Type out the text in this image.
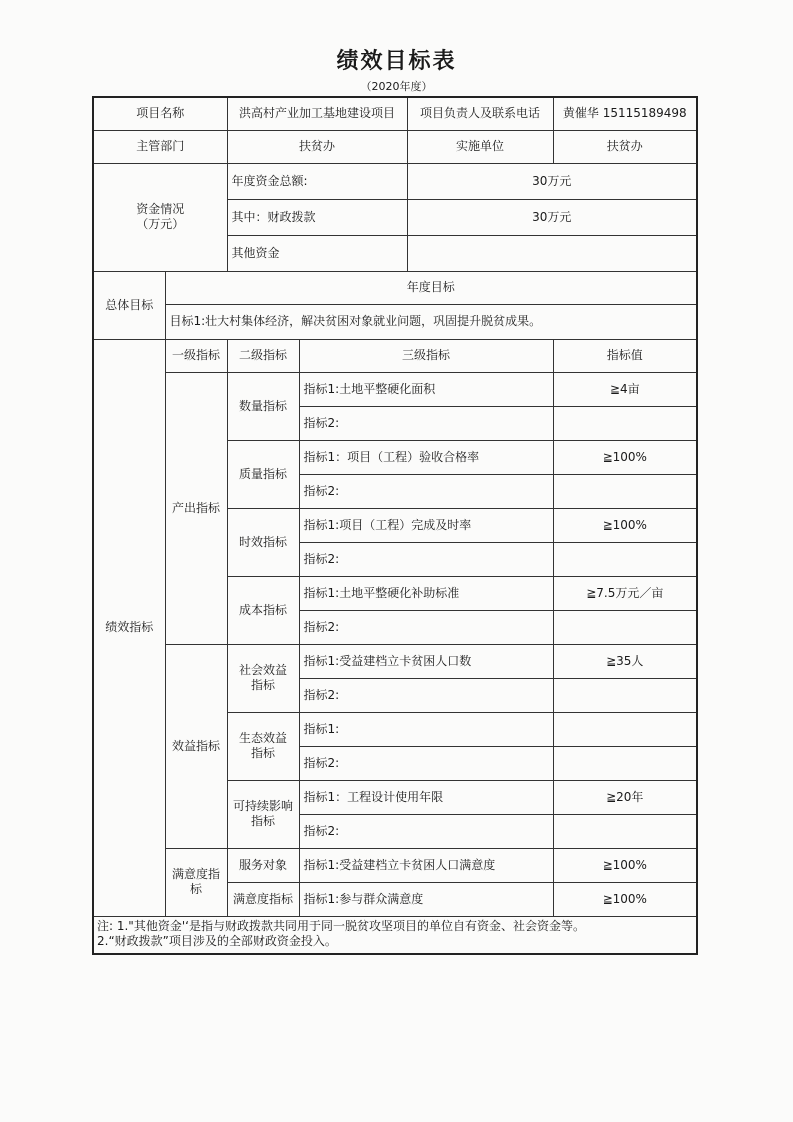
绩效目标表
（2020年度）
项目名称		洪高村产业加工基地建设项目		项目负责人及联系电话	黄催华 15115189498
主管部门		扶贫办		实施单位	扶贫办

资金情况
（万元）		年度资金总额:		30万元	
		其中：财政拨款		30万元	
		其他资金			
总体目标	年度目标				
	目标1:壮大村集体经济，解决贫困对象就业问题，巩固提升脱贫成果。				
绩效指标	一级指标	二级指标	三级指标		指标值
	产出指标	数量指标	指标1:土地平整硬化面积		≧4亩
			指标2:		
		质量指标	指标1：项目（工程）验收合格率		≧100%
			指标2:		
		时效指标	指标1:项目（工程）完成及时率		≧100%
			指标2:		
		成本指标	指标1:土地平整硬化补助标准		≧7.5万元／亩
			指标2:		
	效益指标	社会效益
指标	指标1:受益建档立卡贫困人口数		≧35人
			指标2:		

		生态效益
指标	指标1:		
			指标2:		

		可持续影响
指标	指标1：工程设计使用年限		≧20年
			指标2:		

	满意度指
标	服务对象	指标1:受益建档立卡贫困人口满意度		≧100%
		满意度指标	指标1:参与群众满意度		≧100%

注: 1."其他资金'‘是指与财政拨款共同用于同一脱贫攻坚项目的单位自有资金、社会资金等。
2.“财政拨款”项目涉及的全部财政资金投入。					
